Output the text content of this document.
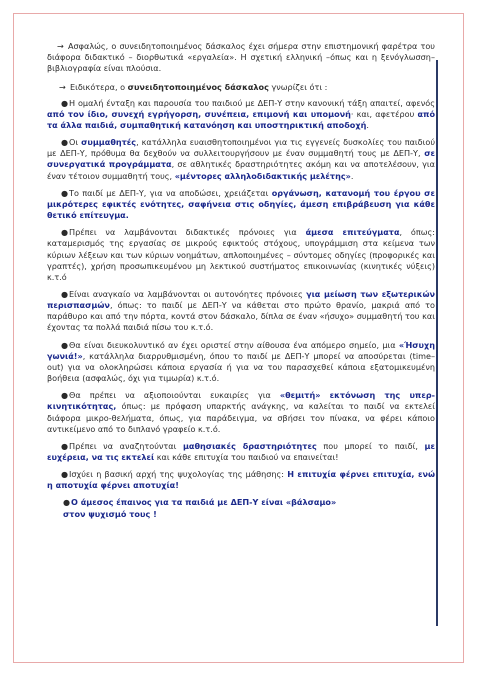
→ Ασφαλώς, ο συνειδητοποιημένος δάσκαλος έχει σήμερα στην επιστημονική φαρέτρα του διάφορα διδακτικό – διορθωτικά «εργαλεία». Η σχετική ελληνική –όπως και η ξενόγλωσση– βιβλιογραφία είναι πλούσια.

→ Ειδικότερα, ο συνειδητοποιημένος δάσκαλος γνωρίζει ότι :

●Η ομαλή ένταξη και παρουσία του παιδιού με ΔΕΠ-Υ στην κανονική τάξη απαιτεί, αφενός από τον ίδιο, συνεχή εγρήγορση, συνέπεια, επιμονή και υπομονή· και, αφετέρου από τα άλλα παιδιά, συμπαθητική κατανόηση και υποστηρικτική αποδοχή.

●Οι συμμαθητές, κατάλληλα ευαισθητοποιημένοι για τις εγγενείς δυσκολίες του παιδιού με ΔΕΠ-Υ, πρόθυμα θα δεχθούν να συλλειτουργήσουν με έναν συμμαθητή τους με ΔΕΠ-Υ, σε συνεργατικά προγράμματα, σε αθλητικές δραστηριότητες ακόμη και να αποτελέσουν, για έναν τέτοιον συμμαθητή τους, «μέντορες αλληλοδιδακτικής μελέτης».

●Το παιδί με ΔΕΠ-Υ, για να αποδώσει, χρειάζεται οργάνωση, κατανομή του έργου σε μικρότερες εφικτές ενότητες, σαφήνεια στις οδηγίες, άμεση επιβράβευση για κάθε θετικό επίτευγμα.

●Πρέπει να λαμβάνονται διδακτικές πρόνοιες για άμεσα επιτεύγματα, όπως: καταμερισμός της εργασίας σε μικρούς εφικτούς στόχους, υπογράμμιση στα κείμενα των κύριων λέξεων και των κύριων νοημάτων, απλοποιημένες – σύντομες οδηγίες (προφορικές και γραπτές), χρήση προσωπικευμένου μη λεκτικού συστήματος επικοινωνίας (κινητικές νύξεις) κ.τ.ό

●Είναι αναγκαίο να λαμβάνονται οι αυτονόητες πρόνοιες για μείωση των εξωτερικών περισπασμών, όπως: το παιδί με ΔΕΠ-Υ να κάθεται στο πρώτο θρανίο, μακριά από το παράθυρο και από την πόρτα, κοντά στον δάσκαλο, δίπλα σε έναν «ήσυχο» συμμαθητή του και έχοντας τα πολλά παιδιά πίσω του κ.τ.ό.

●Θα είναι διευκολυντικό αν έχει οριστεί στην αίθουσα ένα απόμερο σημείο, μια «Ήσυχη γωνιά!», κατάλληλα διαρρυθμισμένη, όπου το παιδί με ΔΕΠ-Υ μπορεί να αποσύρεται (time–out) για να ολοκληρώσει κάποια εργασία ή για να του παρασχεθεί κάποια εξατομικευμένη βοήθεια (ασφαλώς, όχι για τιμωρία) κ.τ.ό.

●Θα πρέπει να αξιοποιούνται ευκαιρίες για «θεμιτή» εκτόνωση της υπερ-κινητικότητας, όπως: με πρόφαση υπαρκτής ανάγκης, να καλείται το παιδί να εκτελεί διάφορα μικρο-θελήματα, όπως, για παράδειγμα, να σβήσει τον πίνακα, να φέρει κάποιο αντικείμενο από το διπλανό γραφείο κ.τ.ό.

●Πρέπει να αναζητούνται μαθησιακές δραστηριότητες που μπορεί το παιδί, με ευχέρεια, να τις εκτελεί και κάθε επιτυχία του παιδιού να επαινείται!

●Ισχύει η βασική αρχή της ψυχολογίας της μάθησης: Η επιτυχία φέρνει επιτυχία, ενώ η αποτυχία φέρνει αποτυχία!

●Ο άμεσος έπαινος για τα παιδιά με ΔΕΠ-Υ είναι «βάλσαμο»
στον ψυχισμό τους !
